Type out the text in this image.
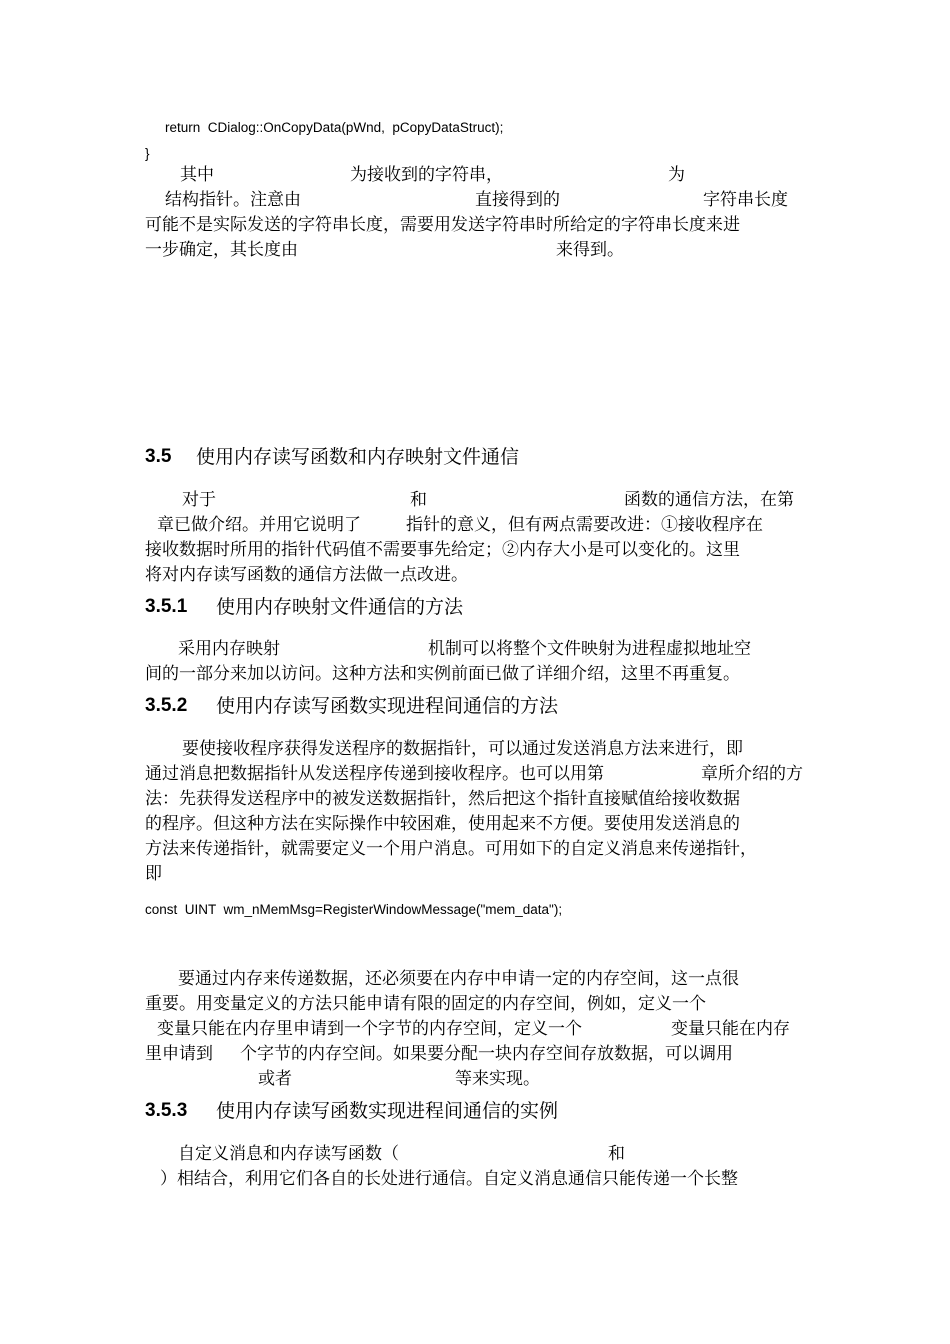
return  CDialog::OnCopyData(pWnd,  pCopyDataStruct);
}
其中	为接收到的字符串，	为
结构指针。注意由	直接得到的	字符串长度
可能不是实际发送的字符串长度，需要用发送字符串时所给定的字符串长度来进
一步确定，其长度由	来得到。
3.5 使用内存读写函数和内存映射文件通信
对于	和	函数的通信方法，在第
章已做介绍。并用它说明了	指针的意义，但有两点需要改进：①接收程序在
接收数据时所用的指针代码值不需要事先给定；②内存大小是可以变化的。这里
将对内存读写函数的通信方法做一点改进。
3.5.1 使用内存映射文件通信的方法
采用内存映射	机制可以将整个文件映射为进程虚拟地址空
间的一部分来加以访问。这种方法和实例前面已做了详细介绍，这里不再重复。
3.5.2 使用内存读写函数实现进程间通信的方法
要使接收程序获得发送程序的数据指针，可以通过发送消息方法来进行，即
通过消息把数据指针从发送程序传递到接收程序。也可以用第	章所介绍的方
法：先获得发送程序中的被发送数据指针，然后把这个指针直接赋值给接收数据
的程序。但这种方法在实际操作中较困难，使用起来不方便。要使用发送消息的
方法来传递指针，就需要定义一个用户消息。可用如下的自定义消息来传递指针，
即
const  UINT  wm_nMemMsg=RegisterWindowMessage("mem_data");
要通过内存来传递数据，还必须要在内存中申请一定的内存空间，这一点很
重要。用变量定义的方法只能申请有限的固定的内存空间，例如，定义一个
变量只能在内存里申请到一个字节的内存空间，定义一个	变量只能在内存
里申请到 个字节的内存空间。如果要分配一块内存空间存放数据，可以调用
或者	等来实现。
3.5.3 使用内存读写函数实现进程间通信的实例
自定义消息和内存读写函数（	和
）相结合，利用它们各自的长处进行通信。自定义消息通信只能传递一个长整
